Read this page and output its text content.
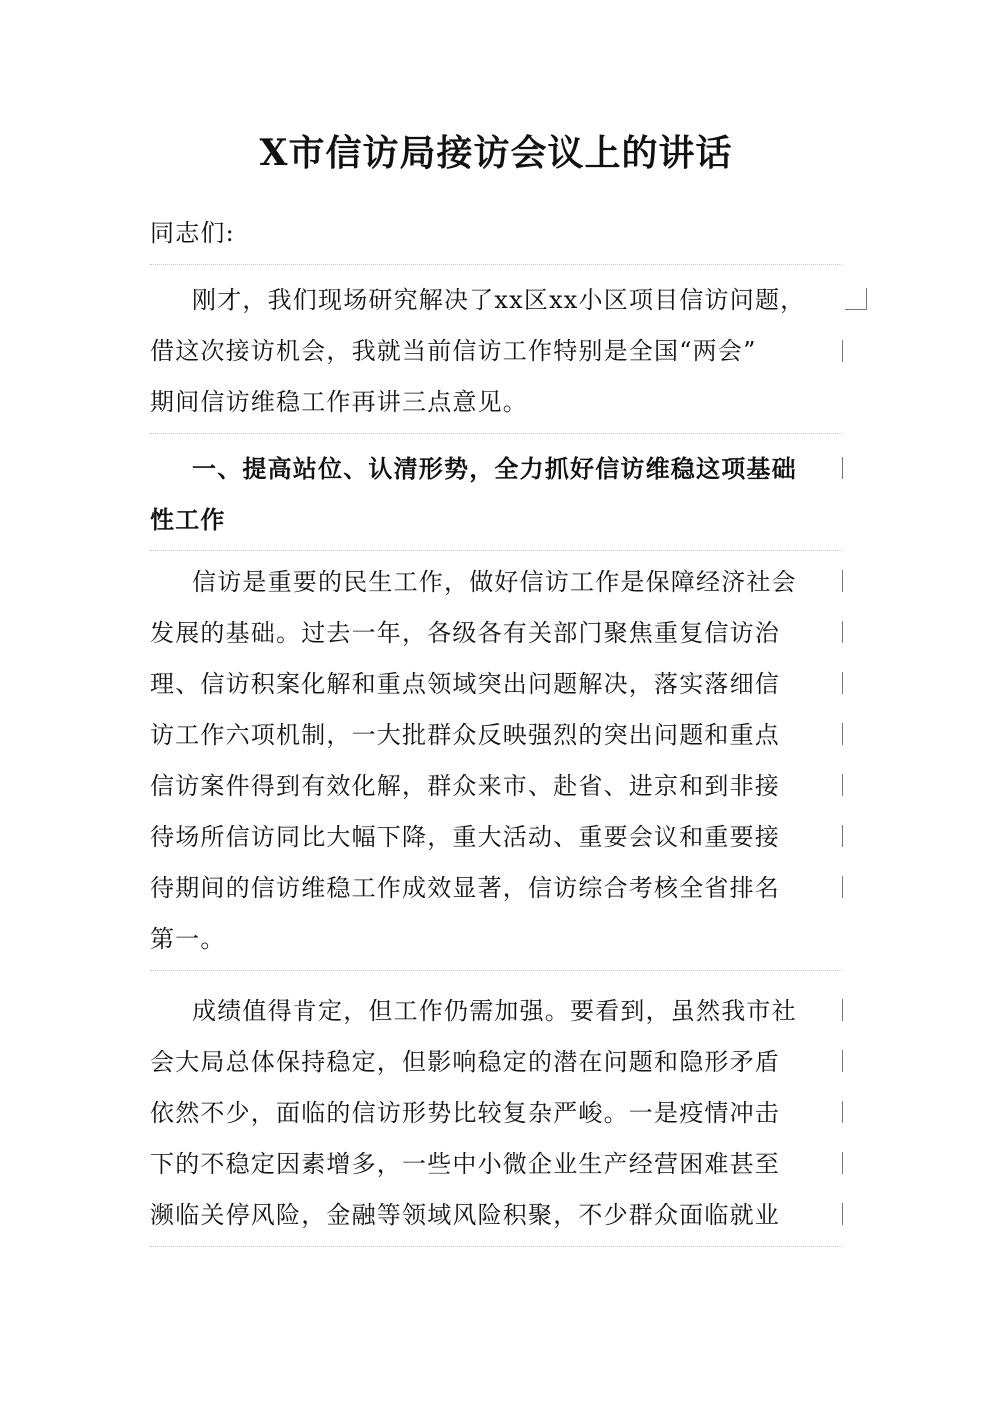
X市信访局接访会议上的讲话
同志们:
刚才，我们现场研究解决了xx区xx小区项目信访问题，
借这次接访机会，我就当前信访工作特别是全国“两会”
期间信访维稳工作再讲三点意见。
一、提高站位、认清形势，全力抓好信访维稳这项基础
性工作
信访是重要的民生工作，做好信访工作是保障经济社会
发展的基础。过去一年，各级各有关部门聚焦重复信访治
理、信访积案化解和重点领域突出问题解决，落实落细信
访工作六项机制，一大批群众反映强烈的突出问题和重点
信访案件得到有效化解，群众来市、赴省、进京和到非接
待场所信访同比大幅下降，重大活动、重要会议和重要接
待期间的信访维稳工作成效显著，信访综合考核全省排名
第一。
成绩值得肯定，但工作仍需加强。要看到，虽然我市社
会大局总体保持稳定，但影响稳定的潜在问题和隐形矛盾
依然不少，面临的信访形势比较复杂严峻。一是疫情冲击
下的不稳定因素增多，一些中小微企业生产经营困难甚至
濒临关停风险，金融等领域风险积聚，不少群众面临就业
